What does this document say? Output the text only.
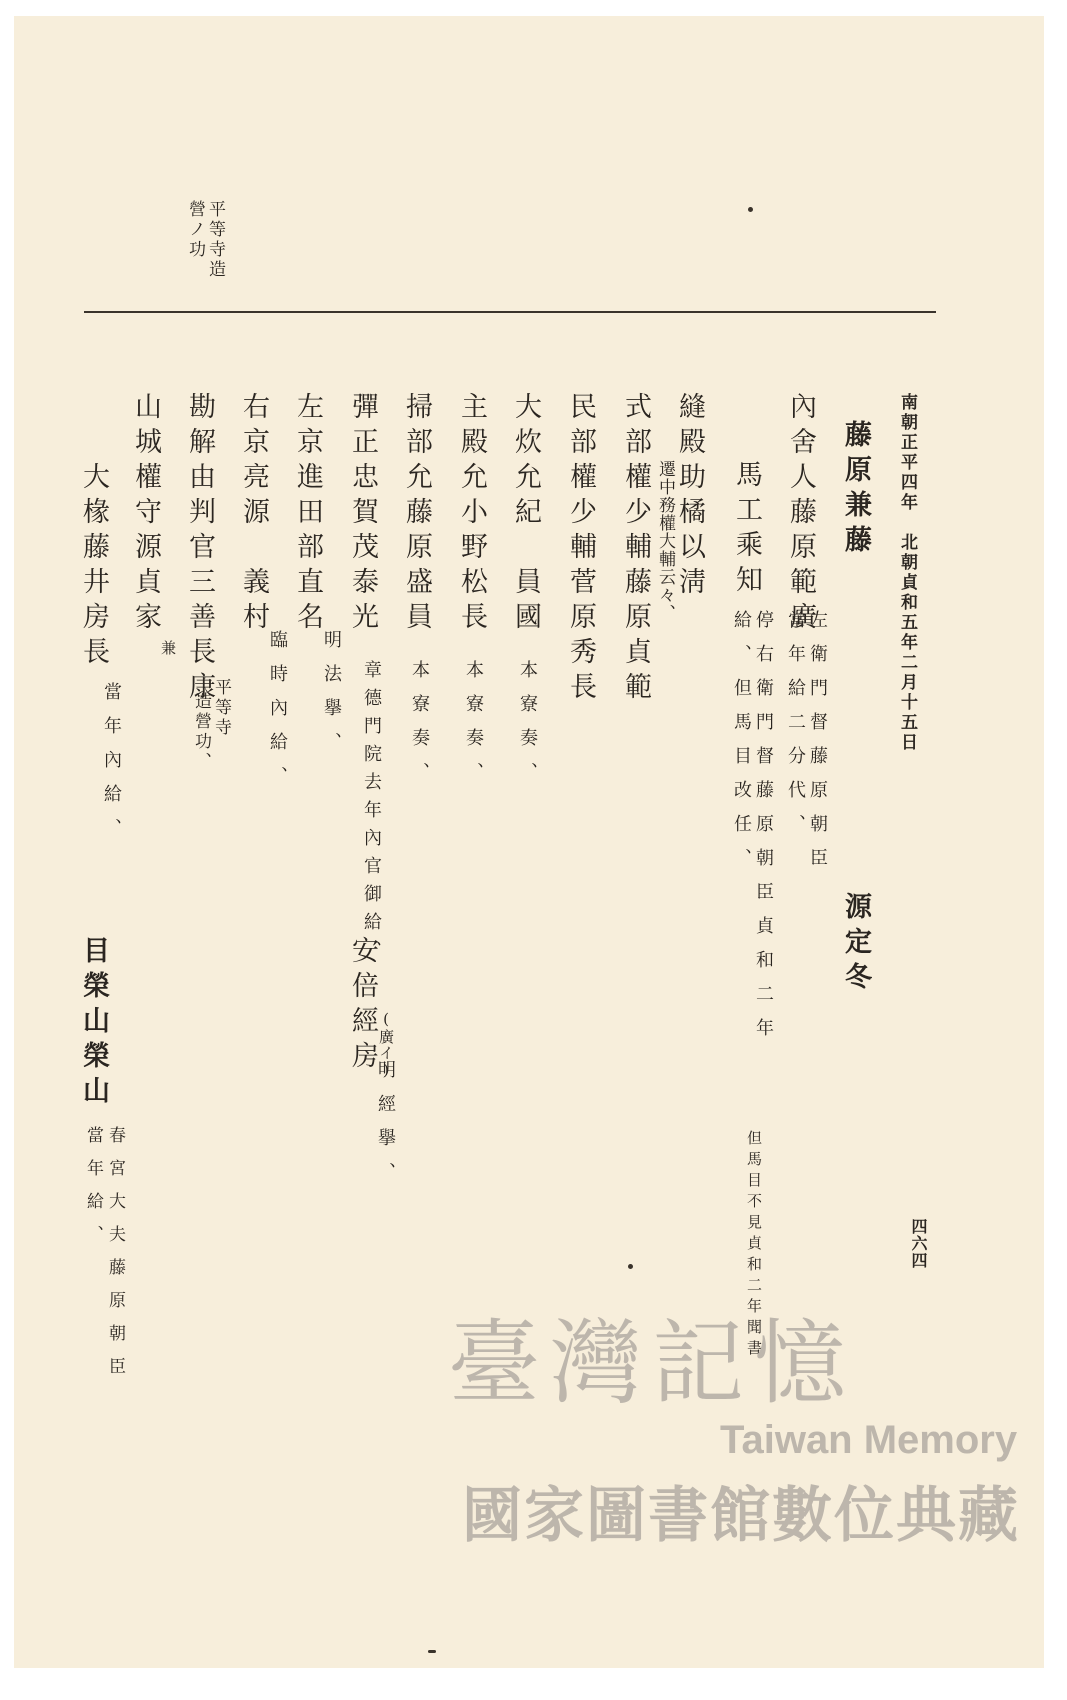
南朝正平四年　北朝貞和五年二月十五日
四六四
平等寺造
營ノ功
藤原兼藤
源定冬
內舍人藤原範廣
左衛門督藤原朝臣
當年給二分代、
馬工乘知
停右衛門督藤原朝臣貞和二年
給、但馬目改任、
但馬目不見貞和二年聞書
縫殿助橘以淸
式部權少輔藤原貞範 遷中務權大輔云々、
民部權少輔菅原秀長
大炊允紀　員國
本寮奏、
主殿允小野松長
本寮奏、
掃部允藤原盛員
本寮奏、
彈正忠賀茂泰光
章德門院去年內官御給、
安倍經房 (廣イ)
明經擧、
左京進田部直名
明法擧、
右京亮源　義村
臨時內給、
勘解由判官三善長康
平等寺
造營功、
山城權守源貞家
兼
大椽藤井房長
當年內給、
目榮山榮山
春宮大夫藤原朝臣
當年給、
臺灣記憶
Taiwan Memory
國家圖書館數位典藏
